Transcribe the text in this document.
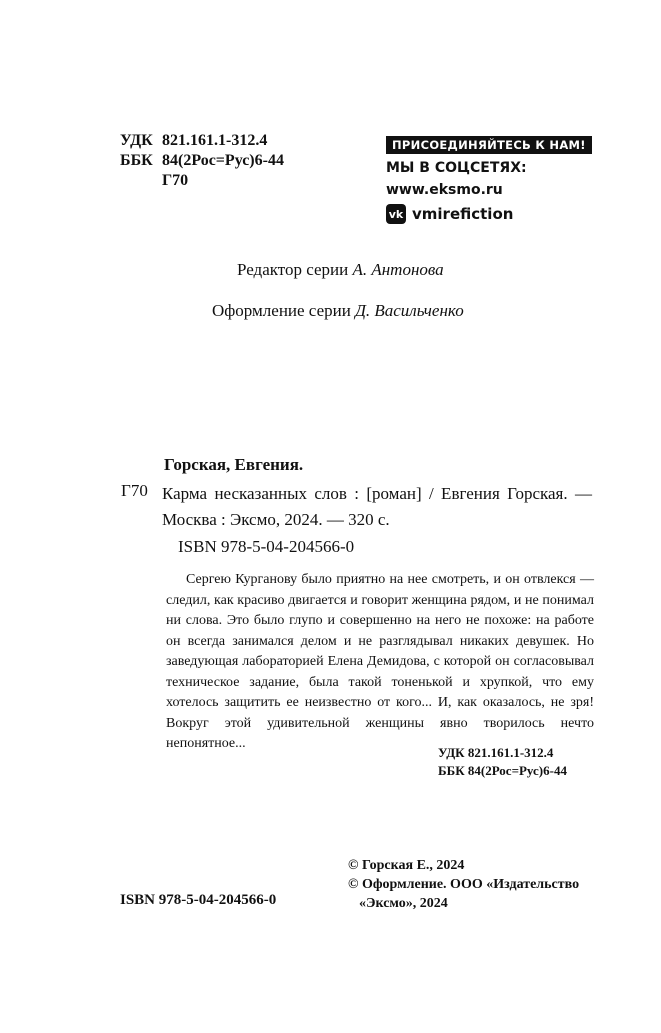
УДК 821.161.1-312.4
ББК 84(2Рос=Рус)6-44
Г70
ПРИСОЕДИНЯЙТЕСЬ К НАМ!
МЫ В СОЦСЕТЯХ:
www.eksmo.ru
vk vmirefiction
Редактор серии А. Антонова
Оформление серии Д. Васильченко
Горская, Евгения.
Г70 Карма несказанных слов : [роман] / Евгения Горская. — Москва : Эксмо, 2024. — 320 с.
ISBN 978-5-04-204566-0
Сергею Курганову было приятно на нее смотреть, и он отвлекся — следил, как красиво двигается и говорит женщина рядом, и не понимал ни слова. Это было глупо и совершенно на него не похоже: на работе он всегда занимался делом и не разглядывал никаких девушек. Но заведующая лабораторией Елена Демидова, с которой он согласовывал техническое задание, была такой тоненькой и хрупкой, что ему хотелось защитить ее неизвестно от кого... И, как оказалось, не зря! Вокруг этой удивительной женщины явно творилось нечто непонятное...
УДК 821.161.1-312.4
ББК 84(2Рос=Рус)6-44
ISBN 978-5-04-204566-0
© Горская Е., 2024
© Оформление. ООО «Издательство
«Эксмо», 2024
